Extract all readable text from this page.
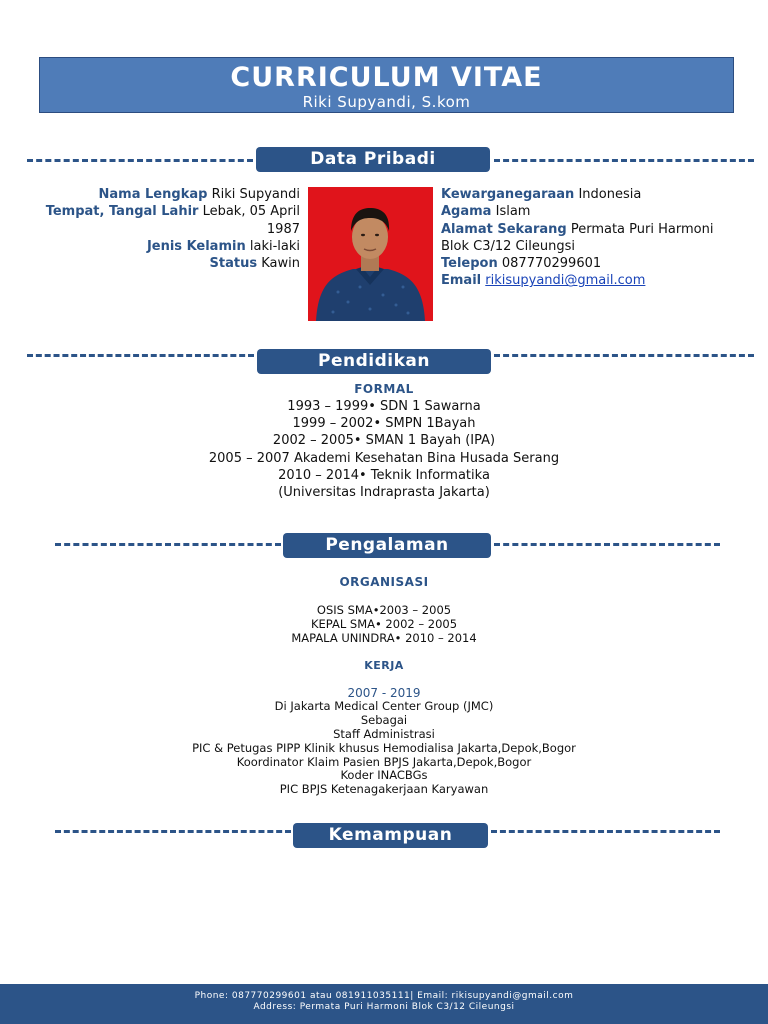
CURRICULUM VITAE
Riki Supyandi, S.kom
Data Pribadi
Nama Lengkap Riki Supyandi
Tempat, Tangal Lahir Lebak, 05 April
1987
Jenis Kelamin laki-laki
Status Kawin
Kewarganegaraan Indonesia
Agama Islam
Alamat Sekarang Permata Puri Harmoni
Blok C3/12 Cileungsi
Telepon 087770299601
Email rikisupyandi@gmail.com
Pendidikan
FORMAL
1993 – 1999• SDN 1 Sawarna
1999 – 2002• SMPN 1Bayah
2002 – 2005• SMAN 1 Bayah (IPA)
2005 – 2007 Akademi Kesehatan Bina Husada Serang
2010 – 2014• Teknik Informatika
(Universitas Indraprasta Jakarta)
Pengalaman
ORGANISASI
OSIS SMA•2003 – 2005
KEPAL SMA• 2002 – 2005
MAPALA UNINDRA• 2010 – 2014
KERJA
2007 - 2019
Di Jakarta Medical Center Group (JMC)
Sebagai
Staff Administrasi
PIC & Petugas PIPP Klinik khusus Hemodialisa Jakarta,Depok,Bogor
Koordinator Klaim Pasien BPJS Jakarta,Depok,Bogor
Koder INACBGs
PIC BPJS Ketenagakerjaan Karyawan
Kemampuan
Phone: 087770299601 atau 081911035111| Email: rikisupyandi@gmail.com
Address: Permata Puri Harmoni Blok C3/12 Cileungsi
